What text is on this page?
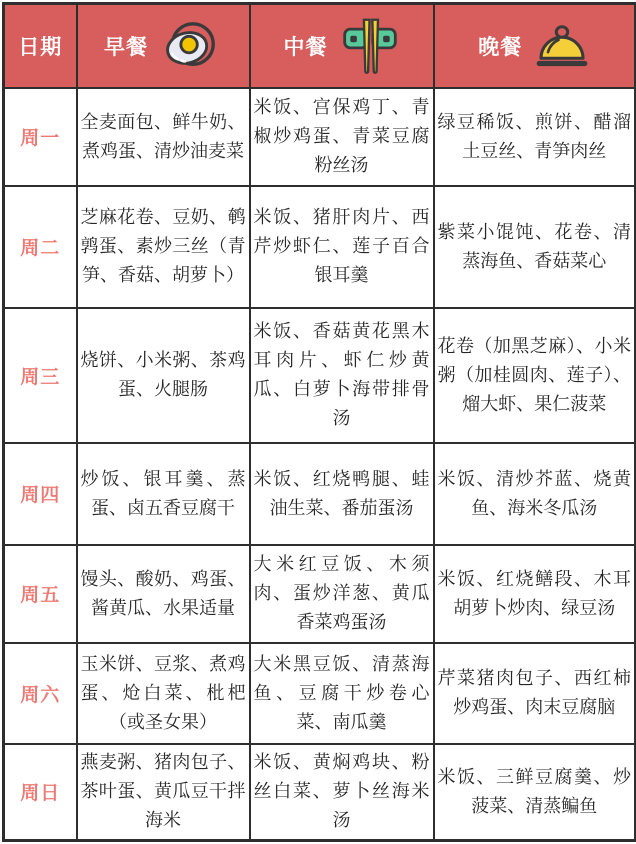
日期	早餐	中餐	晚餐

周一	全麦面包、鲜牛奶、煮鸡蛋、清炒油麦菜	米饭、宫保鸡丁、青椒炒鸡蛋、青菜豆腐粉丝汤	绿豆稀饭、煎饼、醋溜土豆丝、青笋肉丝
周二	芝麻花卷、豆奶、鹌鹑蛋、素炒三丝（青笋、香菇、胡萝卜）	米饭、猪肝肉片、西芹炒虾仁、莲子百合银耳羹	紫菜小馄饨、花卷、清蒸海鱼、香菇菜心
周三	烧饼、小米粥、茶鸡蛋、火腿肠	米饭、香菇黄花黑木耳肉片、虾仁炒黄瓜、白萝卜海带排骨汤	花卷（加黑芝麻）、小米粥（加桂圆肉、莲子）、熘大虾、果仁菠菜
周四	炒饭、银耳羹、蒸蛋、卤五香豆腐干	米饭、红烧鸭腿、蛙油生菜、番茄蛋汤	米饭、清炒芥蓝、烧黄鱼、海米冬瓜汤
周五	馒头、酸奶、鸡蛋、酱黄瓜、水果适量	大米红豆饭、木须肉、蛋炒洋葱、黄瓜香菜鸡蛋汤	米饭、红烧鳝段、木耳胡萝卜炒肉、绿豆汤
周六	玉米饼、豆浆、煮鸡蛋、炝白菜、枇杷（或圣女果）	大米黑豆饭、清蒸海鱼、豆腐干炒卷心菜、南瓜羹	芹菜猪肉包子、西红柿炒鸡蛋、肉末豆腐脑
周日	燕麦粥、猪肉包子、茶叶蛋、黄瓜豆干拌海米	米饭、黄焖鸡块、粉丝白菜、萝卜丝海米汤	米饭、三鲜豆腐羹、炒菠菜、清蒸鳊鱼
